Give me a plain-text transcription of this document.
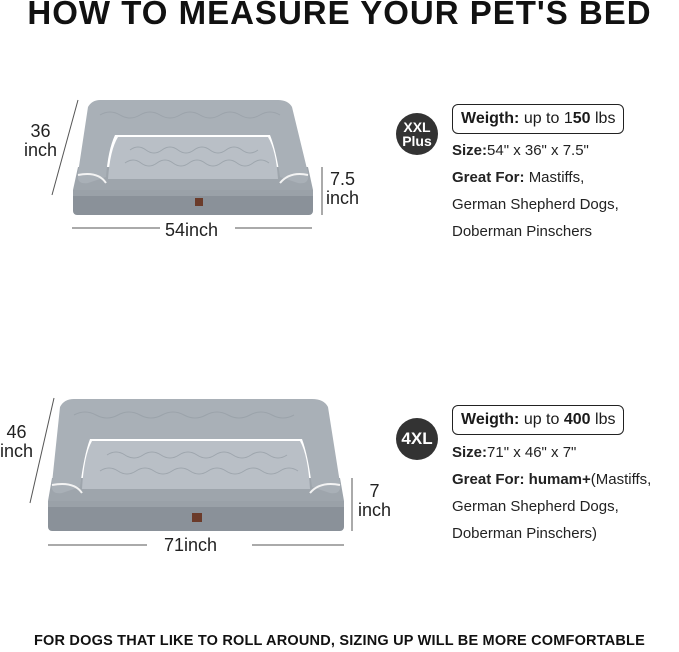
HOW TO MEASURE YOUR PET'S BED
36
inch
7.5
inch
54inch
XXL
Plus
Weigth: up to 150 lbs
Size:54" x 36" x 7.5"
Great For: Mastiffs,
German Shepherd Dogs,
Doberman Pinschers
46
inch
7
inch
71inch
4XL
Weigth: up to 400 lbs
Size:71" x 46" x 7"
Great For: humam+(Mastiffs,
German Shepherd Dogs,
Doberman Pinschers)
FOR DOGS THAT LIKE TO ROLL AROUND, SIZING UP WILL BE MORE COMFORTABLE
